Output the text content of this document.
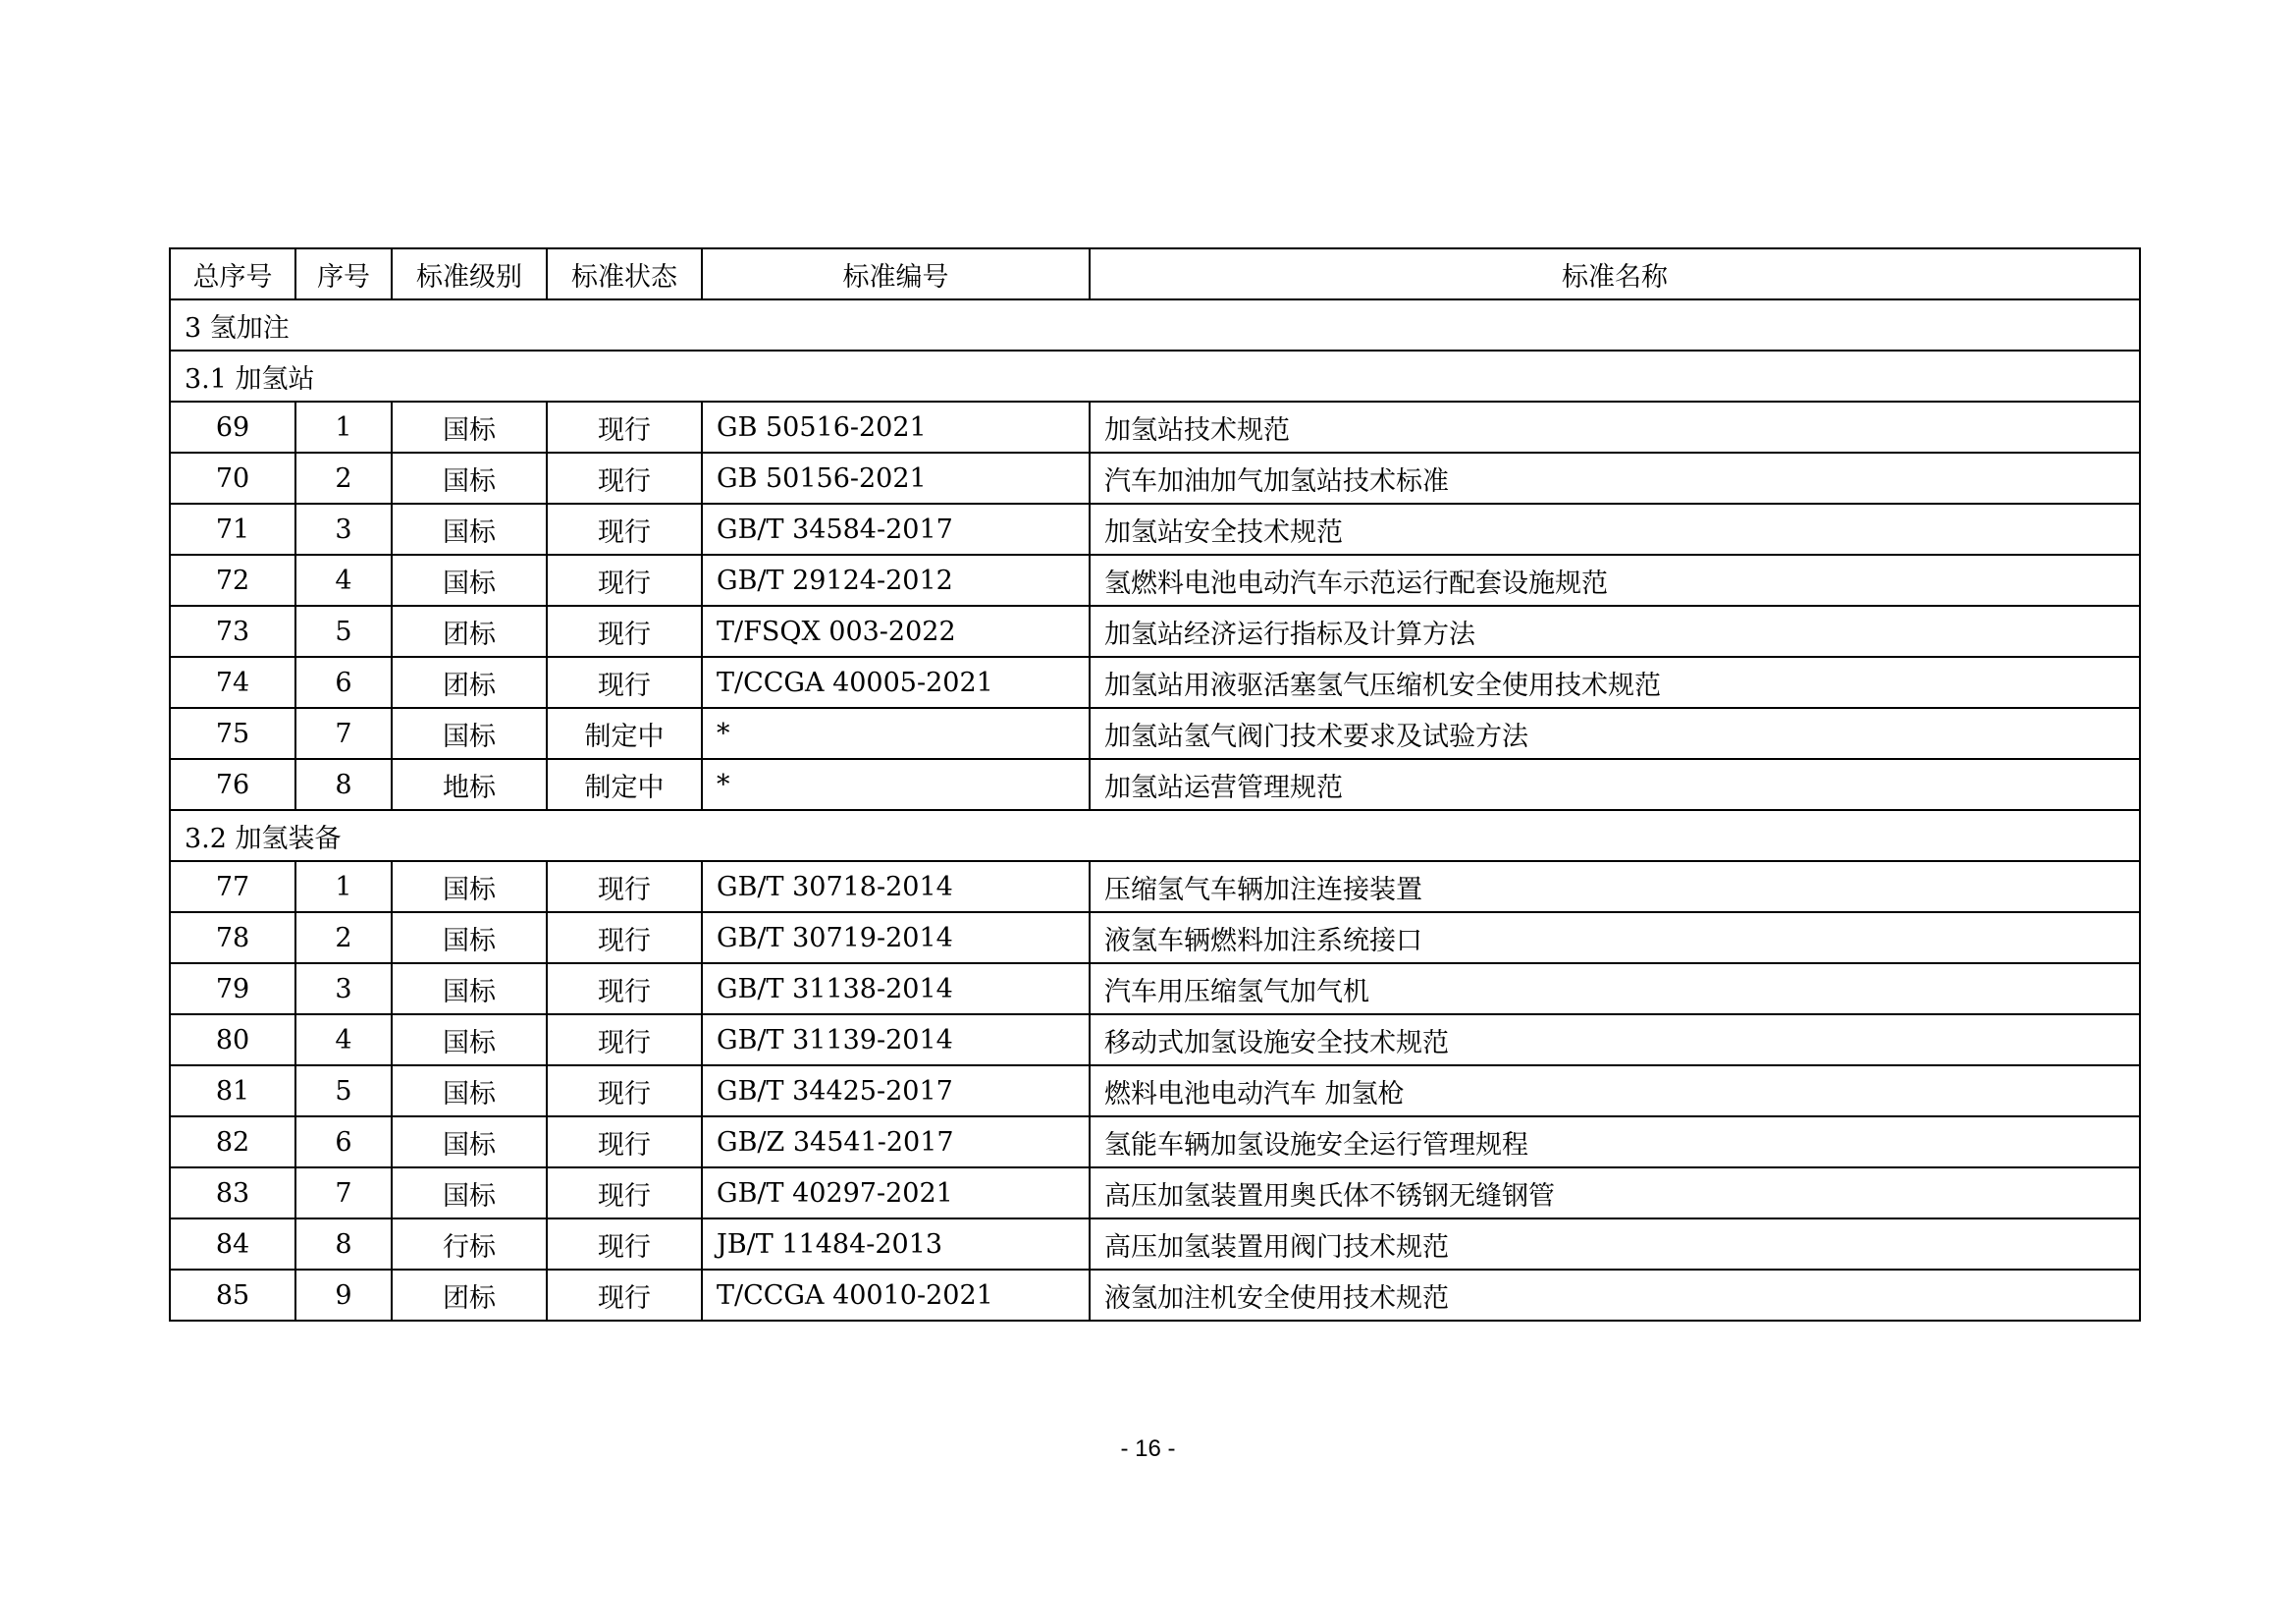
总序号	序号	标准级别	标准状态	标准编号	标准名称
3 氢加注					
3.1 加氢站					
69	1	国标	现行	GB 50516-2021	加氢站技术规范
70	2	国标	现行	GB 50156-2021	汽车加油加气加氢站技术标准
71	3	国标	现行	GB/T 34584-2017	加氢站安全技术规范
72	4	国标	现行	GB/T 29124-2012	氢燃料电池电动汽车示范运行配套设施规范
73	5	团标	现行	T/FSQX 003-2022	加氢站经济运行指标及计算方法
74	6	团标	现行	T/CCGA 40005-2021	加氢站用液驱活塞氢气压缩机安全使用技术规范
75	7	国标	制定中	*	加氢站氢气阀门技术要求及试验方法
76	8	地标	制定中	*	加氢站运营管理规范
3.2 加氢装备					
77	1	国标	现行	GB/T 30718-2014	压缩氢气车辆加注连接装置
78	2	国标	现行	GB/T 30719-2014	液氢车辆燃料加注系统接口
79	3	国标	现行	GB/T 31138-2014	汽车用压缩氢气加气机
80	4	国标	现行	GB/T 31139-2014	移动式加氢设施安全技术规范
81	5	国标	现行	GB/T 34425-2017	燃料电池电动汽车 加氢枪
82	6	国标	现行	GB/Z 34541-2017	氢能车辆加氢设施安全运行管理规程
83	7	国标	现行	GB/T 40297-2021	高压加氢装置用奥氏体不锈钢无缝钢管
84	8	行标	现行	JB/T 11484-2013	高压加氢装置用阀门技术规范
85	9	团标	现行	T/CCGA 40010-2021	液氢加注机安全使用技术规范
- 16 -
